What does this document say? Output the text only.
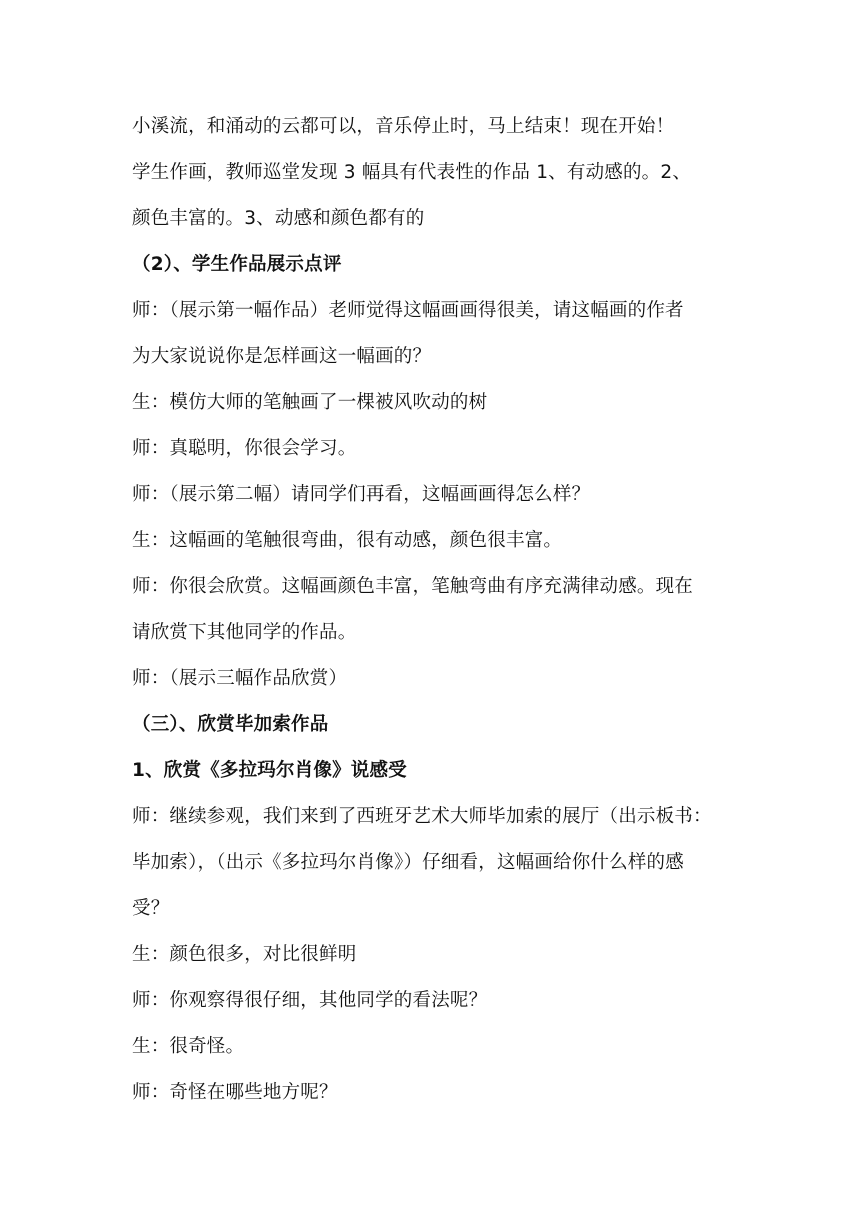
小溪流，和涌动的云都可以，音乐停止时，马上结束！现在开始！
学生作画，教师巡堂发现 3 幅具有代表性的作品 1、有动感的。2、
颜色丰富的。3、动感和颜色都有的
（2）、学生作品展示点评
师：（展示第一幅作品）老师觉得这幅画画得很美，请这幅画的作者
为大家说说你是怎样画这一幅画的？
生：模仿大师的笔触画了一棵被风吹动的树
师：真聪明，你很会学习。
师：（展示第二幅）请同学们再看，这幅画画得怎么样？
生：这幅画的笔触很弯曲，很有动感，颜色很丰富。
师：你很会欣赏。这幅画颜色丰富，笔触弯曲有序充满律动感。现在
请欣赏下其他同学的作品。
师：（展示三幅作品欣赏）
（三）、欣赏毕加索作品
1、欣赏《多拉玛尔肖像》说感受
师：继续参观，我们来到了西班牙艺术大师毕加索的展厅（出示板书：
毕加索），（出示《多拉玛尔肖像》）仔细看，这幅画给你什么样的感
受？
生：颜色很多，对比很鲜明
师：你观察得很仔细，其他同学的看法呢？
生：很奇怪。
师：奇怪在哪些地方呢？
